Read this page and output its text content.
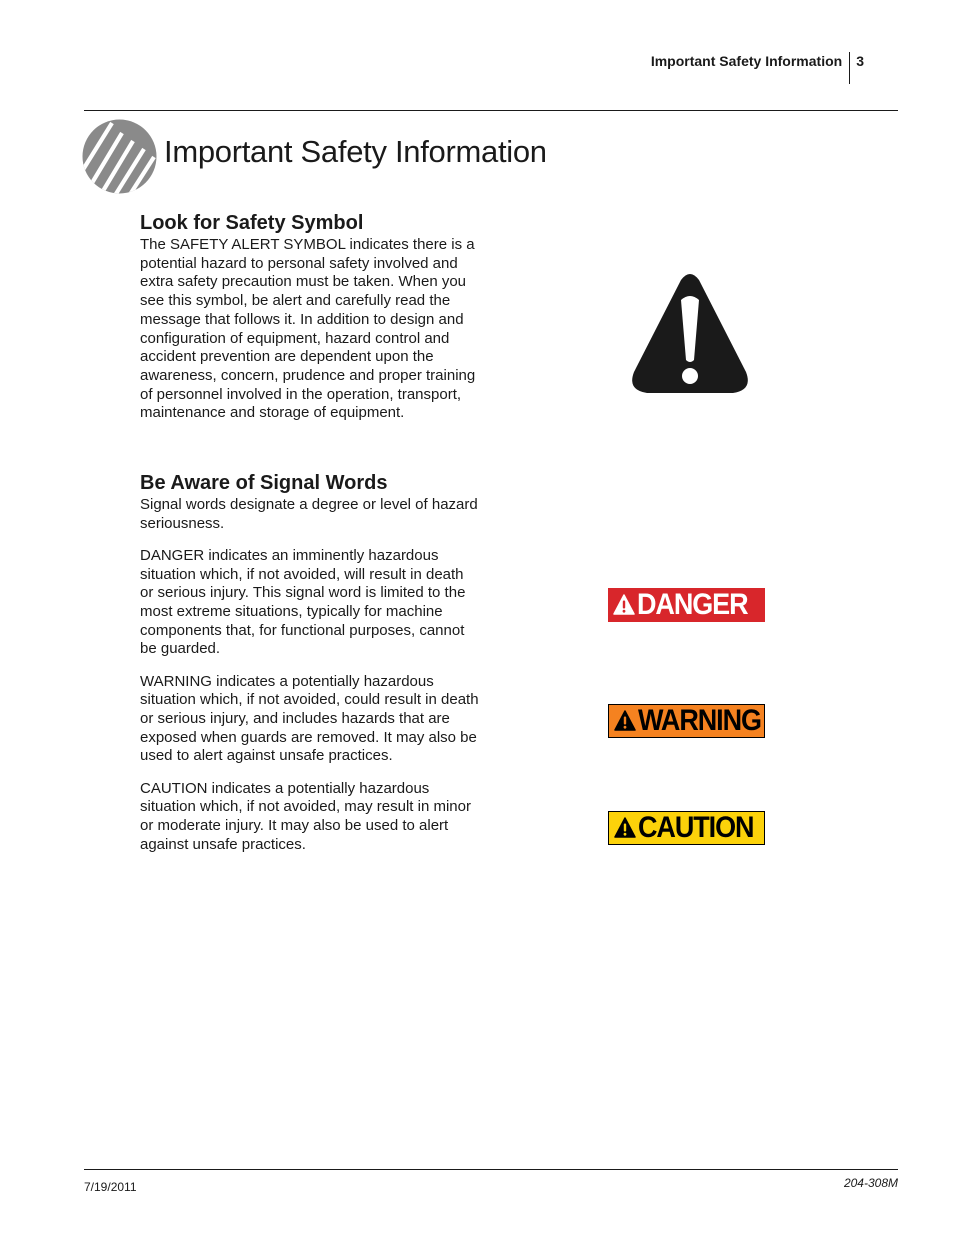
Important Safety Information 3
Important Safety Information
Look for Safety Symbol

The SAFETY ALERT SYMBOL indicates there is a potential hazard to personal safety involved and extra safety precaution must be taken. When you see this symbol, be alert and carefully read the message that follows it. In addition to design and configuration of equipment, hazard control and accident prevention are dependent upon the awareness, concern, prudence and proper training of personnel involved in the operation, transport, maintenance and storage of equipment.

Be Aware of Signal Words

Signal words designate a degree or level of hazard seriousness.

DANGER indicates an imminently hazardous situation which, if not avoided, will result in death or serious injury. This signal word is limited to the most extreme situations, typically for machine components that, for functional purposes, cannot be guarded.

WARNING indicates a potentially hazardous situation which, if not avoided, could result in death or serious injury, and includes hazards that are exposed when guards are removed. It may also be used to alert against unsafe practices.

CAUTION indicates a potentially hazardous situation which, if not avoided, may result in minor or moderate injury. It may also be used to alert against unsafe practices.

DANGER
WARNING
CAUTION
7/19/2011	204-308M
